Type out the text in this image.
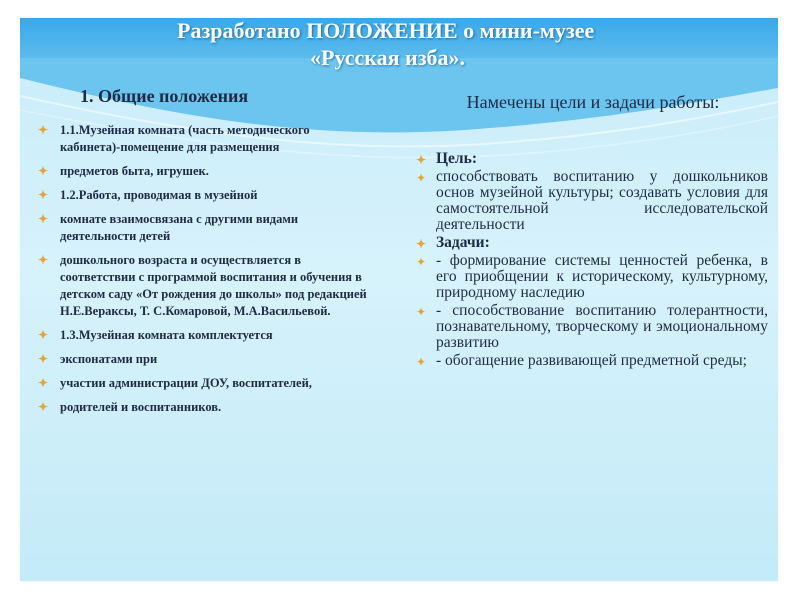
Разработано ПОЛОЖЕНИЕ о мини-музее
«Русская изба».
1. Общие положения	Намечены цели и задачи работы:
✦ 1.1.Музейная комната (часть методического кабинета)-помещение для размещения
✦ предметов быта, игрушек.
✦ 1.2.Работа, проводимая в музейной
✦ комнате взаимосвязана с другими видами деятельности детей
✦ дошкольного возраста и осуществляется в соответствии с программой воспитания и обучения в детском саду «От рождения до школы» под редакцией Н.Е.Вераксы, Т. С.Комаровой, М.А.Васильевой.
✦ 1.3.Музейная комната комплектуется
✦ экспонатами при
✦ участии администрации ДОУ, воспитателей,
✦ родителей и воспитанников.
✦ Цель:
✦ способствовать воспитанию у дошкольников основ музейной культуры; создавать условия для самостоятельной исследовательской деятельности
✦ Задачи:
✦ - формирование системы ценностей ребенка, в его приобщении к историческому, культурному, природному наследию
✦ - способствование воспитанию толерантности, познавательному, творческому и эмоциональному развитию
✦ - обогащение развивающей предметной среды;
